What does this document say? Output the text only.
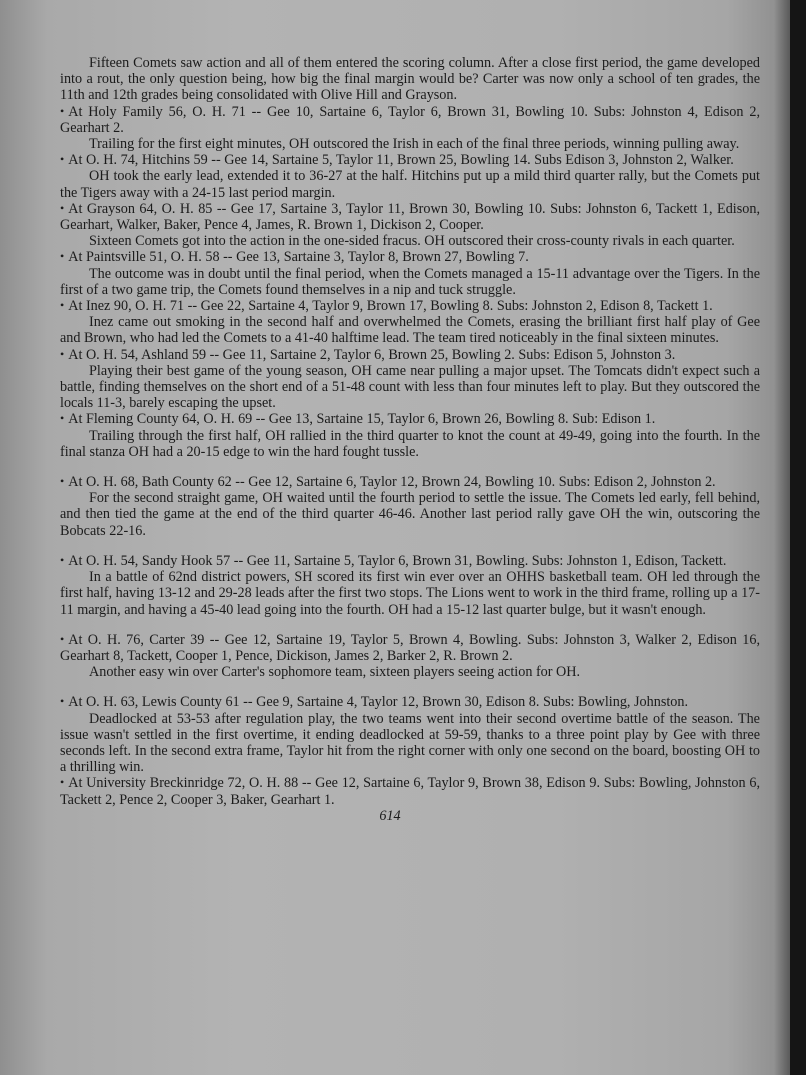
Fifteen Comets saw action and all of them entered the scoring column. After a close first period, the game developed into a rout, the only question being, how big the final margin would be? Carter was now only a school of ten grades, the 11th and 12th grades being consolidated with Olive Hill and Grayson.

• At Holy Family 56, O. H. 71 -- Gee 10, Sartaine 6, Taylor 6, Brown 31, Bowling 10. Subs: Johnston 4, Edison 2, Gearhart 2.

Trailing for the first eight minutes, OH outscored the Irish in each of the final three periods, winning pulling away.

• At O. H. 74, Hitchins 59 -- Gee 14, Sartaine 5, Taylor 11, Brown 25, Bowling 14. Subs Edison 3, Johnston 2, Walker.

OH took the early lead, extended it to 36-27 at the half. Hitchins put up a mild third quarter rally, but the Comets put the Tigers away with a 24-15 last period margin.

• At Grayson 64, O. H. 85 -- Gee 17, Sartaine 3, Taylor 11, Brown 30, Bowling 10. Subs: Johnston 6, Tackett 1, Edison, Gearhart, Walker, Baker, Pence 4, James, R. Brown 1, Dickison 2, Cooper.

Sixteen Comets got into the action in the one-sided fracus. OH outscored their cross-county rivals in each quarter.

• At Paintsville 51, O. H. 58 -- Gee 13, Sartaine 3, Taylor 8, Brown 27, Bowling 7.

The outcome was in doubt until the final period, when the Comets managed a 15-11 advantage over the Tigers. In the first of a two game trip, the Comets found themselves in a nip and tuck struggle.

• At Inez 90, O. H. 71 -- Gee 22, Sartaine 4, Taylor 9, Brown 17, Bowling 8. Subs: Johnston 2, Edison 8, Tackett 1.

Inez came out smoking in the second half and overwhelmed the Comets, erasing the brilliant first half play of Gee and Brown, who had led the Comets to a 41-40 halftime lead. The team tired noticeably in the final sixteen minutes.

• At O. H. 54, Ashland 59 -- Gee 11, Sartaine 2, Taylor 6, Brown 25, Bowling 2. Subs: Edison 5, Johnston 3.

Playing their best game of the young season, OH came near pulling a major upset. The Tomcats didn't expect such a battle, finding themselves on the short end of a 51-48 count with less than four minutes left to play. But they outscored the locals 11-3, barely escaping the upset.

• At Fleming County 64, O. H. 69 -- Gee 13, Sartaine 15, Taylor 6, Brown 26, Bowling 8. Sub: Edison 1.

Trailing through the first half, OH rallied in the third quarter to knot the count at 49-49, going into the fourth. In the final stanza OH had a 20-15 edge to win the hard fought tussle.

• At O. H. 68, Bath County 62 -- Gee 12, Sartaine 6, Taylor 12, Brown 24, Bowling 10. Subs: Edison 2, Johnston 2.

For the second straight game, OH waited until the fourth period to settle the issue. The Comets led early, fell behind, and then tied the game at the end of the third quarter 46-46. Another last period rally gave OH the win, outscoring the Bobcats 22-16.

• At O. H. 54, Sandy Hook 57 -- Gee 11, Sartaine 5, Taylor 6, Brown 31, Bowling. Subs: Johnston 1, Edison, Tackett.

In a battle of 62nd district powers, SH scored its first win ever over an OHHS basketball team. OH led through the first half, having 13-12 and 29-28 leads after the first two stops. The Lions went to work in the third frame, rolling up a 17-11 margin, and having a 45-40 lead going into the fourth. OH had a 15-12 last quarter bulge, but it wasn't enough.

• At O. H. 76, Carter 39 -- Gee 12, Sartaine 19, Taylor 5, Brown 4, Bowling. Subs: Johnston 3, Walker 2, Edison 16, Gearhart 8, Tackett, Cooper 1, Pence, Dickison, James 2, Barker 2, R. Brown 2.

Another easy win over Carter's sophomore team, sixteen players seeing action for OH.

• At O. H. 63, Lewis County 61 -- Gee 9, Sartaine 4, Taylor 12, Brown 30, Edison 8. Subs: Bowling, Johnston.

Deadlocked at 53-53 after regulation play, the two teams went into their second overtime battle of the season. The issue wasn't settled in the first overtime, it ending deadlocked at 59-59, thanks to a three point play by Gee with three seconds left. In the second extra frame, Taylor hit from the right corner with only one second on the board, boosting OH to a thrilling win.

• At University Breckinridge 72, O. H. 88 -- Gee 12, Sartaine 6, Taylor 9, Brown 38, Edison 9. Subs: Bowling, Johnston 6, Tackett 2, Pence 2, Cooper 3, Baker, Gearhart 1.

614
